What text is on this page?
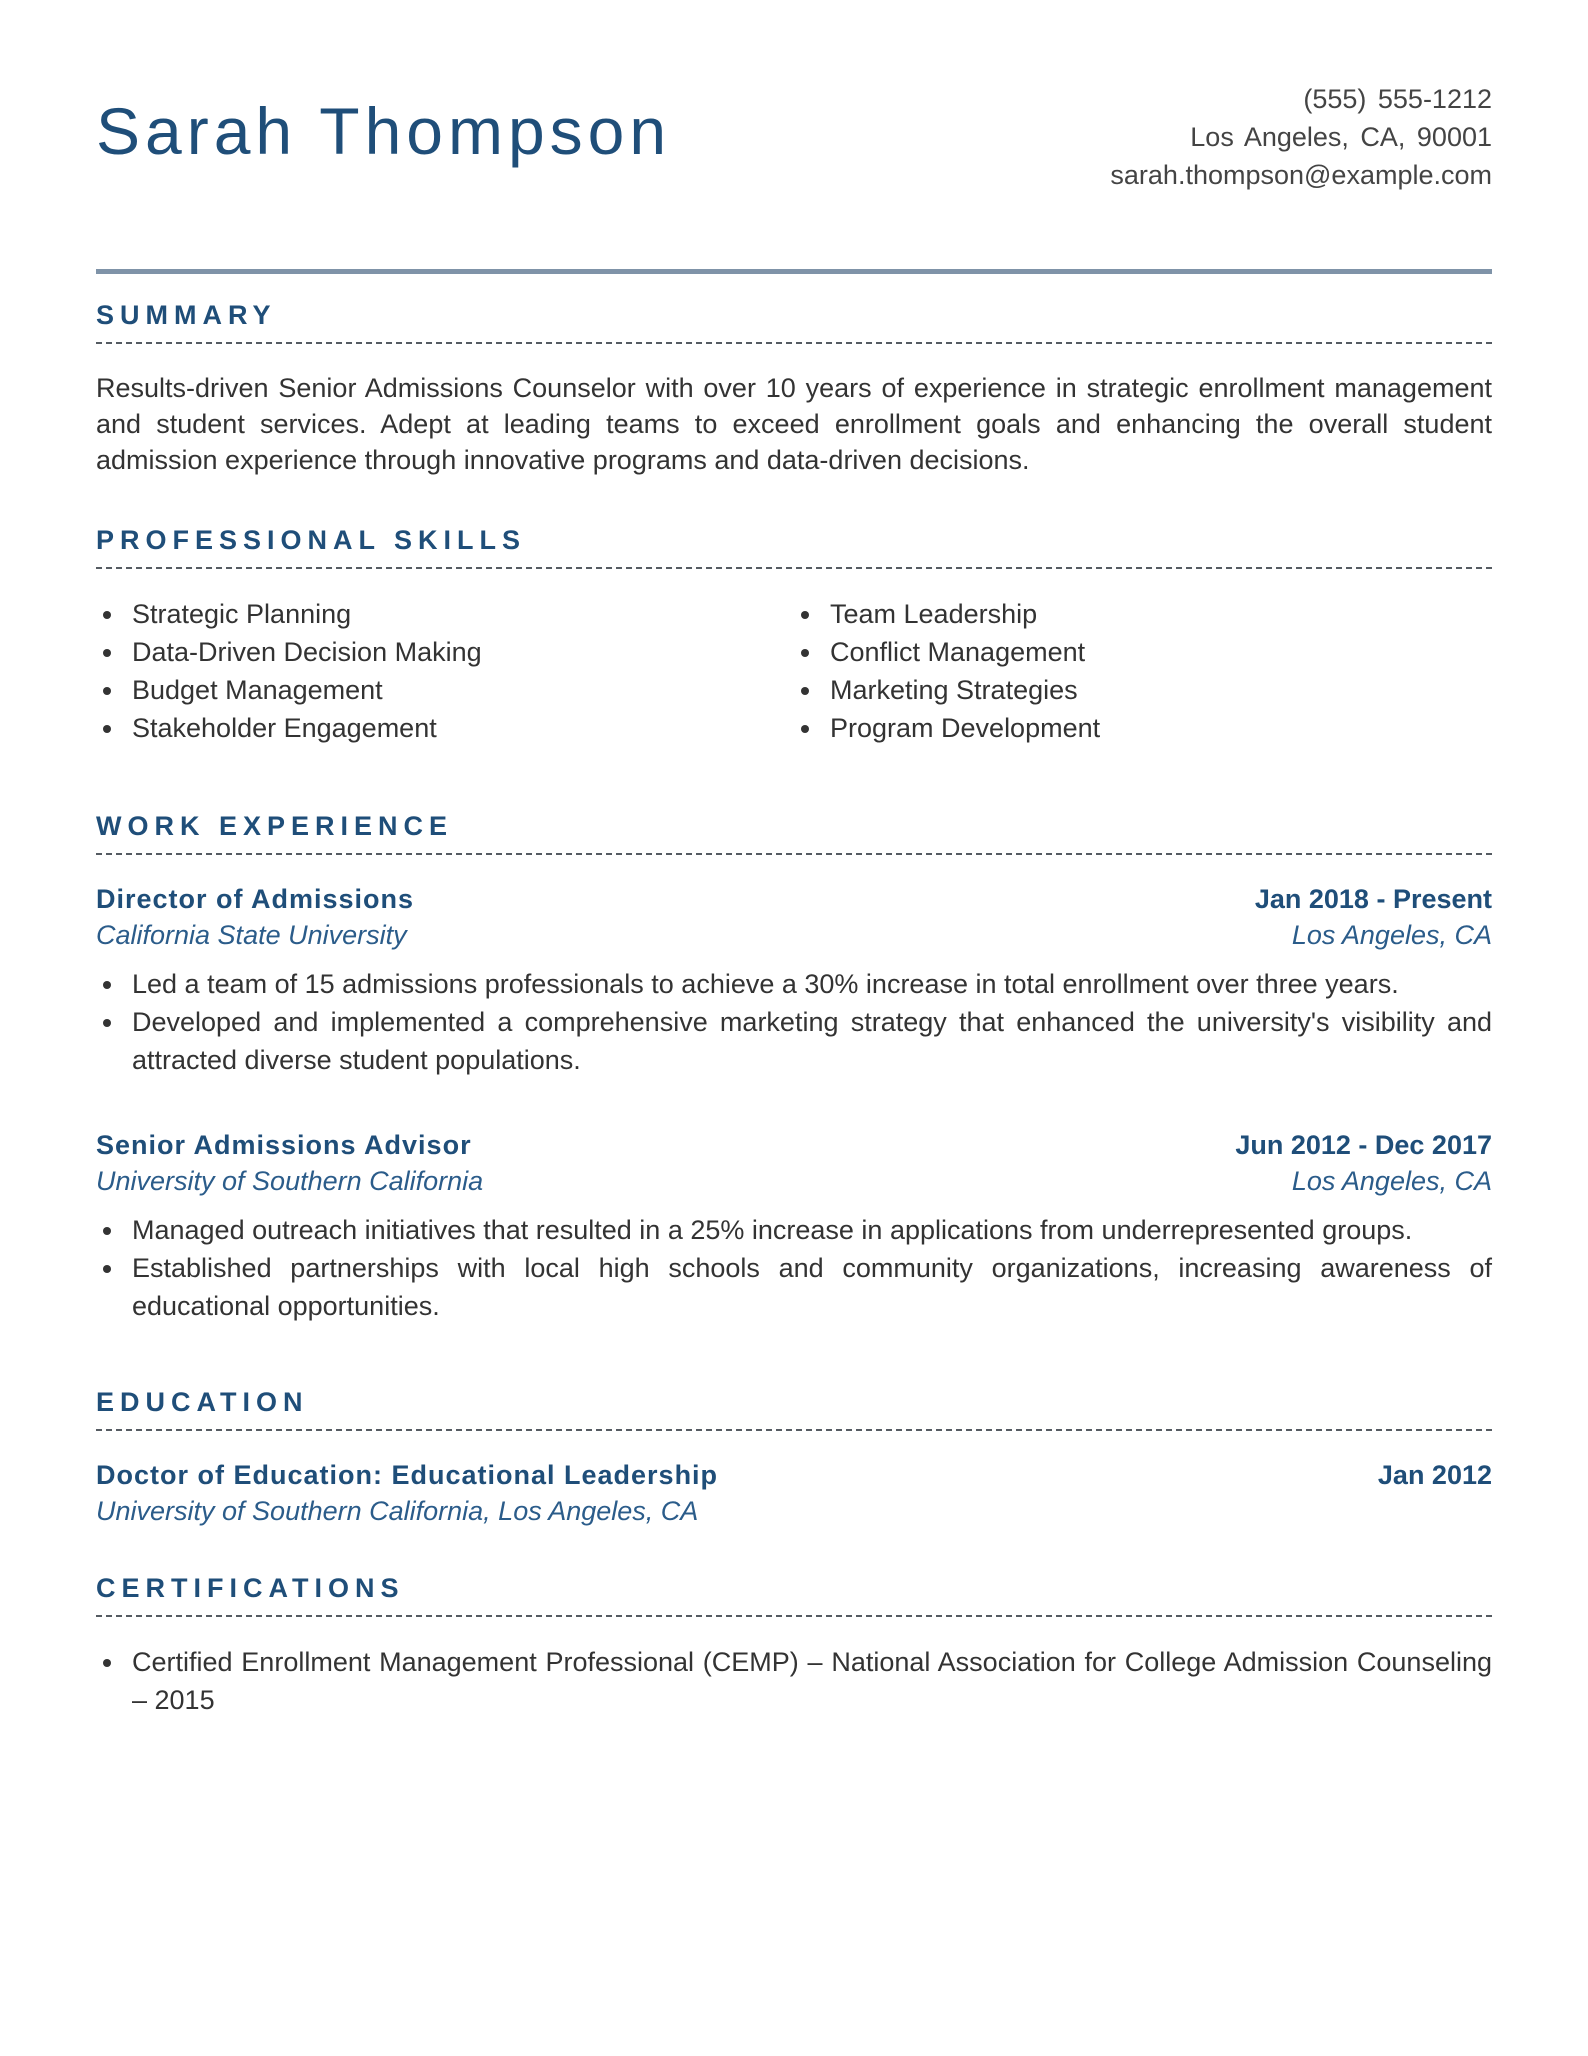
Sarah Thompson	(555) 555-1212
Los Angeles, CA, 90001
sarah.thompson@example.com
SUMMARY
Results-driven Senior Admissions Counselor with over 10 years of experience in strategic enrollment management and student services. Adept at leading teams to exceed enrollment goals and enhancing the overall student admission experience through innovative programs and data-driven decisions.
PROFESSIONAL SKILLS
Strategic Planning
Data-Driven Decision Making
Budget Management
Stakeholder Engagement
Team Leadership
Conflict Management
Marketing Strategies
Program Development
WORK EXPERIENCE
Director of Admissions	Jan 2018 - Present
California State University	Los Angeles, CA
Led a team of 15 admissions professionals to achieve a 30% increase in total enrollment over three years.
Developed and implemented a comprehensive marketing strategy that enhanced the university's visibility and attracted diverse student populations.
Senior Admissions Advisor	Jun 2012 - Dec 2017
University of Southern California	Los Angeles, CA
Managed outreach initiatives that resulted in a 25% increase in applications from underrepresented groups.
Established partnerships with local high schools and community organizations, increasing awareness of educational opportunities.
EDUCATION
Doctor of Education: Educational Leadership	Jan 2012
University of Southern California, Los Angeles, CA
CERTIFICATIONS
Certified Enrollment Management Professional (CEMP) – National Association for College Admission Counseling – 2015
